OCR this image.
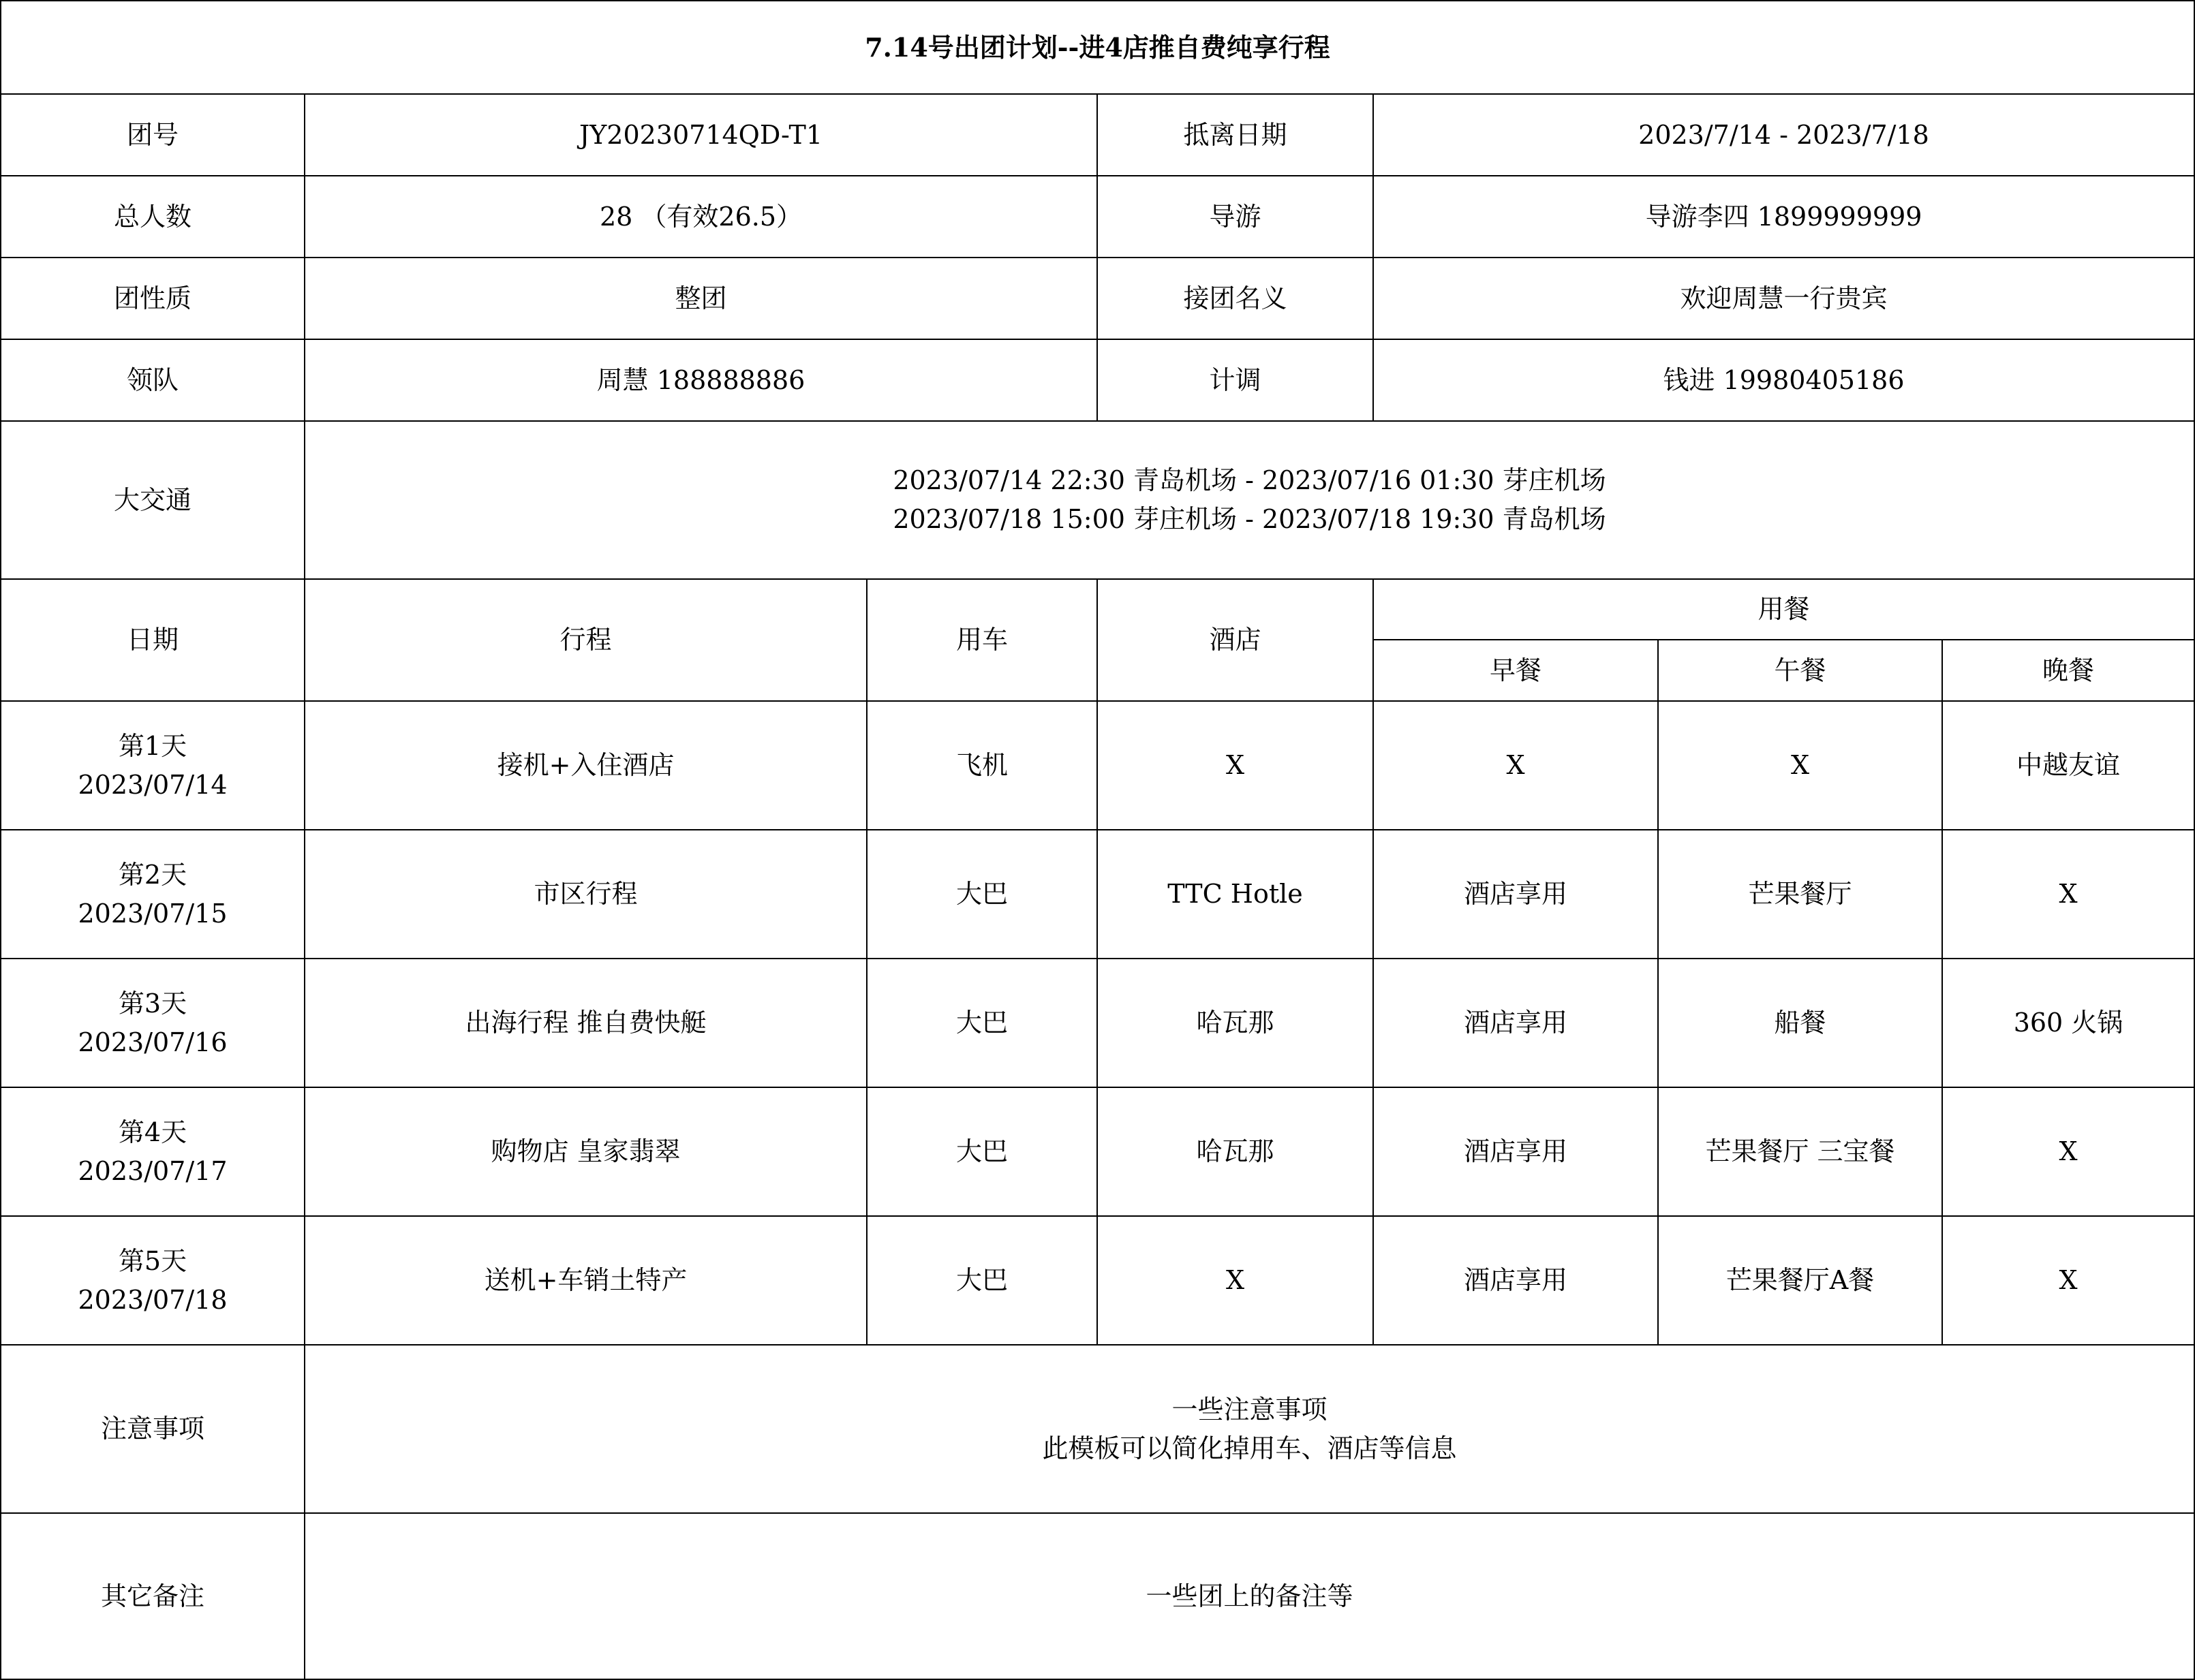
7.14号出团计划--进4店推自费纯享行程						
团号	JY20230714QD-T1		抵离日期	2023/7/14 - 2023/7/18		
总人数	28 （有效26.5）		导游	导游李四 1899999999		
团性质	整团		接团名义	欢迎周慧一行贵宾		
领队	周慧 188888886		计调	钱进 19980405186		
大交通	2023/07/14 22:30 青岛机场 - 2023/07/16 01:30 芽庄机场
2023/07/18 15:00 芽庄机场 - 2023/07/18 19:30 青岛机场					

日期	行程	用车	酒店	用餐		
				早餐	午餐	晚餐

第1天
2023/07/14	接机+入住酒店	飞机	X	X	X	中越友谊

第2天
2023/07/15	市区行程	大巴	TTC Hotle	酒店享用	芒果餐厅	X

第3天
2023/07/16	出海行程 推自费快艇	大巴	哈瓦那	酒店享用	船餐	360 火锅

第4天
2023/07/17	购物店 皇家翡翠	大巴	哈瓦那	酒店享用	芒果餐厅 三宝餐	X

第5天
2023/07/18	送机+车销土特产	大巴	X	酒店享用	芒果餐厅A餐	X
注意事项	一些注意事项
此模板可以简化掉用车、酒店等信息					

其它备注	一些团上的备注等					
